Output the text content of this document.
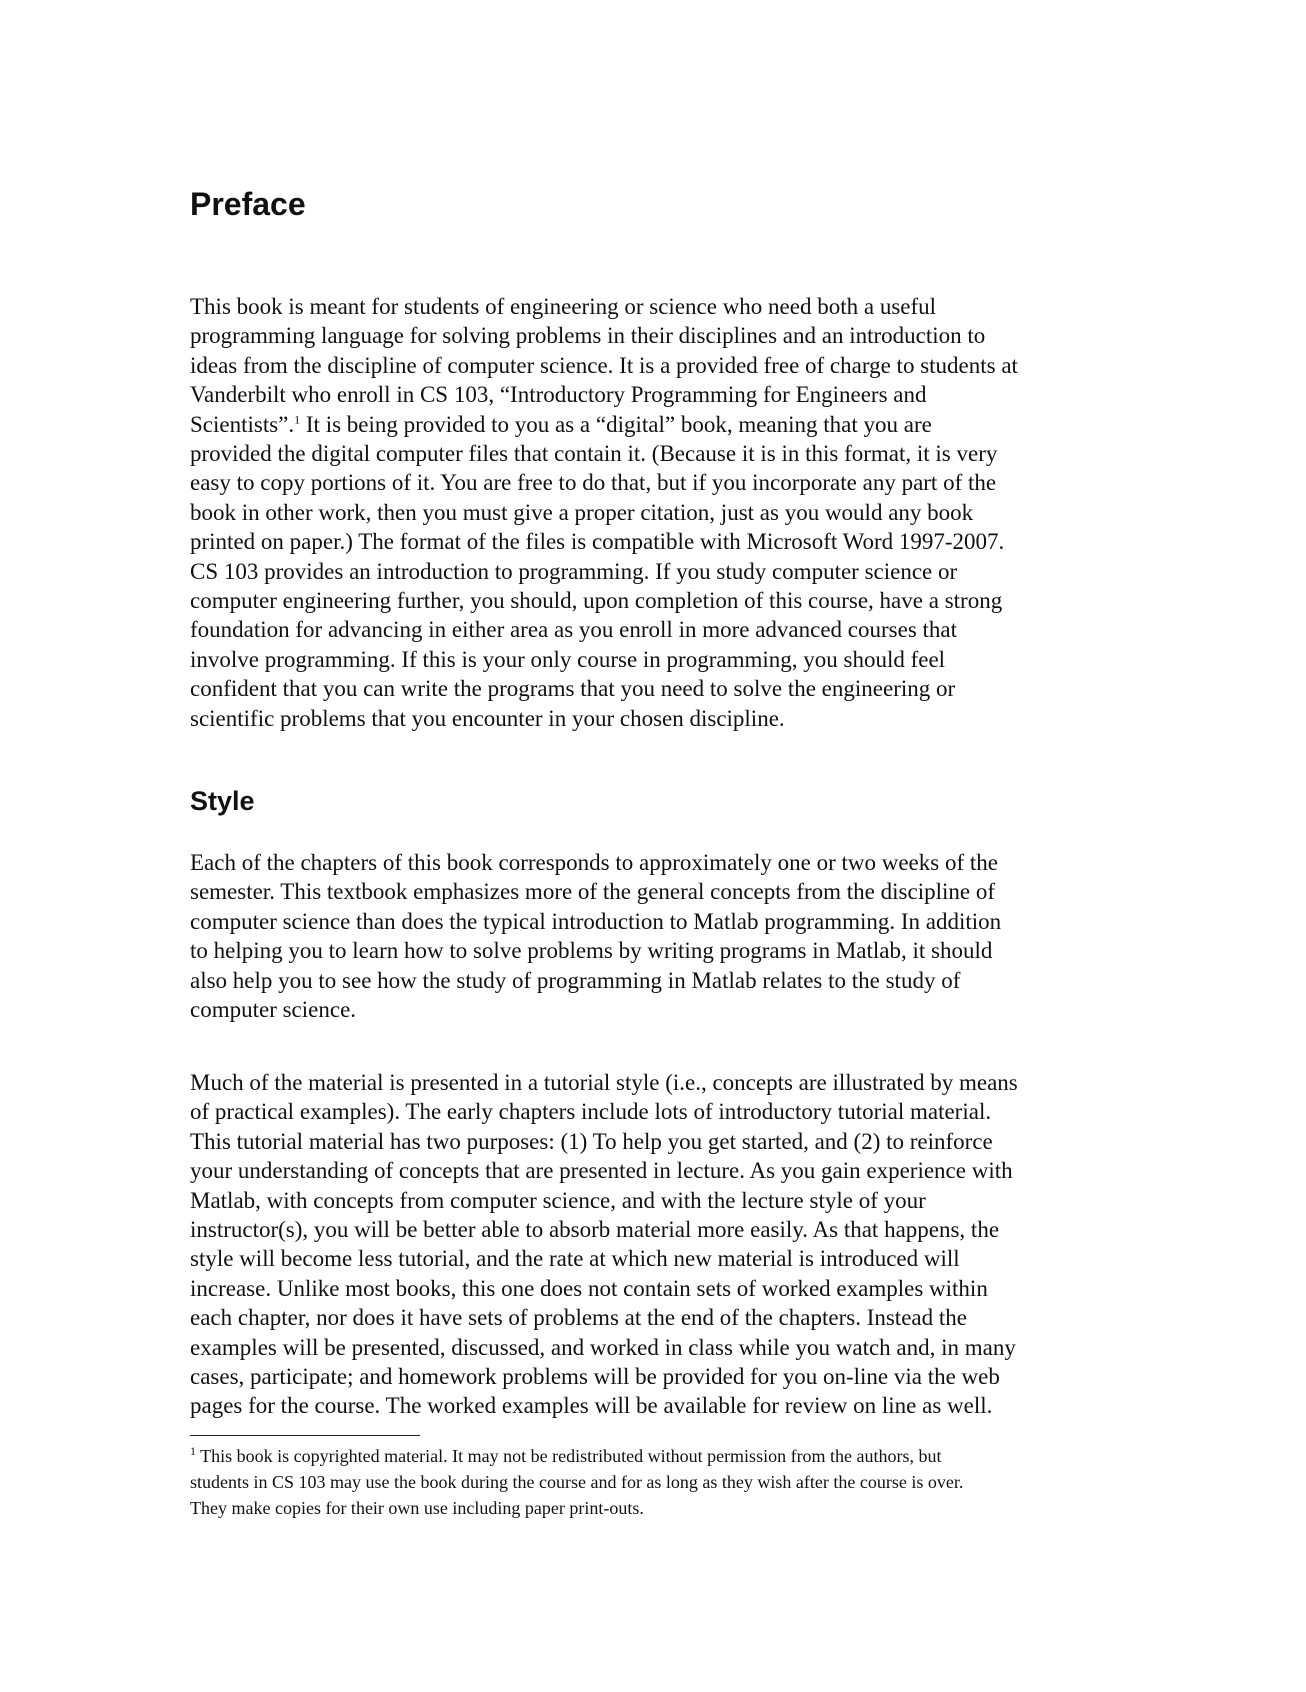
Preface
This book is meant for students of engineering or science who need both a useful
programming language for solving problems in their disciplines and an introduction to
ideas from the discipline of computer science. It is a provided free of charge to students at
Vanderbilt who enroll in CS 103, “Introductory Programming for Engineers and
Scientists”.$^1$ It is being provided to you as a “digital” book, meaning that you are
provided the digital computer files that contain it. (Because it is in this format, it is very
easy to copy portions of it. You are free to do that, but if you incorporate any part of the
book in other work, then you must give a proper citation, just as you would any book
printed on paper.) The format of the files is compatible with Microsoft Word 1997-2007.
CS 103 provides an introduction to programming. If you study computer science or
computer engineering further, you should, upon completion of this course, have a strong
foundation for advancing in either area as you enroll in more advanced courses that
involve programming. If this is your only course in programming, you should feel
confident that you can write the programs that you need to solve the engineering or
scientific problems that you encounter in your chosen discipline.
Style
Each of the chapters of this book corresponds to approximately one or two weeks of the
semester. This textbook emphasizes more of the general concepts from the discipline of
computer science than does the typical introduction to Matlab programming. In addition
to helping you to learn how to solve problems by writing programs in Matlab, it should
also help you to see how the study of programming in Matlab relates to the study of
computer science.
Much of the material is presented in a tutorial style (i.e., concepts are illustrated by means
of practical examples). The early chapters include lots of introductory tutorial material.
This tutorial material has two purposes: (1) To help you get started, and (2) to reinforce
your understanding of concepts that are presented in lecture. As you gain experience with
Matlab, with concepts from computer science, and with the lecture style of your
instructor(s), you will be better able to absorb material more easily. As that happens, the
style will become less tutorial, and the rate at which new material is introduced will
increase. Unlike most books, this one does not contain sets of worked examples within
each chapter, nor does it have sets of problems at the end of the chapters. Instead the
examples will be presented, discussed, and worked in class while you watch and, in many
cases, participate; and homework problems will be provided for you on-line via the web
pages for the course. The worked examples will be available for review on line as well.
$^1$ This book is copyrighted material. It may not be redistributed without permission from the authors, but
students in CS 103 may use the book during the course and for as long as they wish after the course is over.
They make copies for their own use including paper print-outs.
